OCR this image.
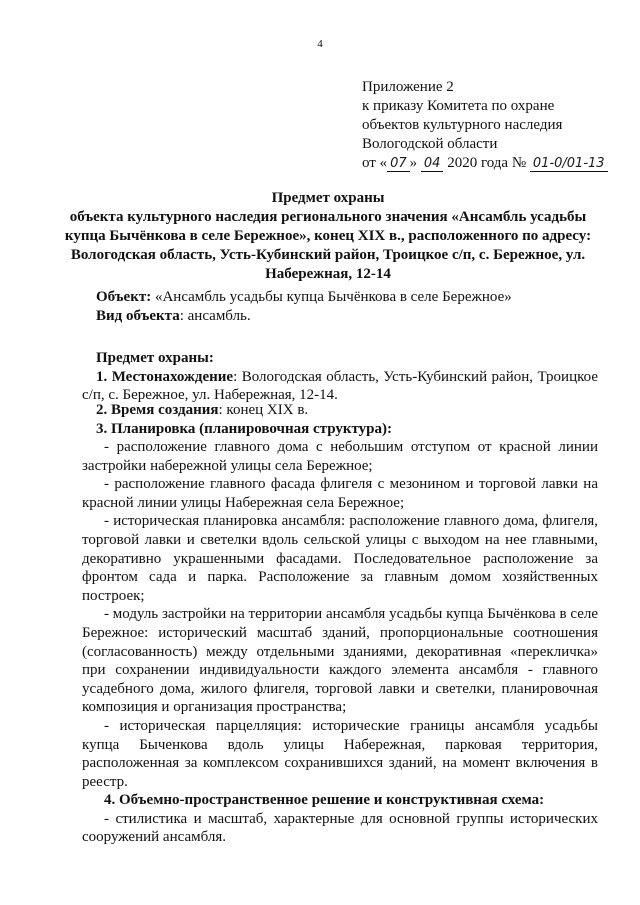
4
Приложение 2
к приказу Комитета по охране
объектов культурного наследия
Вологодской области
от « 07 » 04 2020 года № 01-0/01-13
Предмет охраны
объекта культурного наследия регионального значения «Ансамбль усадьбы купца Бычёнкова в селе Бережное», конец XIX в., расположенного по адресу: Вологодская область, Усть-Кубинский район, Троицкое с/п, с. Бережное, ул. Набережная, 12-14

Объект: «Ансамбль усадьбы купца Бычёнкова в селе Бережное»

Вид объекта: ансамбль.

Предмет охраны:

1. Местонахождение: Вологодская область, Усть-Кубинский район, Троицкое с/п, с. Бережное, ул. Набережная, 12-14.

2. Время создания: конец XIX в.

3. Планировка (планировочная структура):

- расположение главного дома с небольшим отступом от красной линии застройки набережной улицы села Бережное;

- расположение главного фасада флигеля с мезонином и торговой лавки на красной линии улицы Набережная села Бережное;

- историческая планировка ансамбля: расположение главного дома, флигеля, торговой лавки и светелки вдоль сельской улицы с выходом на нее главными, декоративно украшенными фасадами. Последовательное расположение за фронтом сада и парка. Расположение за главным домом хозяйственных построек;

- модуль застройки на территории ансамбля усадьбы купца Бычёнкова в селе Бережное: исторический масштаб зданий, пропорциональные соотношения (согласованность) между отдельными зданиями, декоративная «перекличка» при сохранении индивидуальности каждого элемента ансамбля - главного усадебного дома, жилого флигеля, торговой лавки и светелки, планировочная композиция и организация пространства;

- историческая парцелляция: исторические границы ансамбля усадьбы купца Быченкова вдоль улицы Набережная, парковая территория, расположенная за комплексом сохранившихся зданий, на момент включения в реестр.

4. Объемно-пространственное решение и конструктивная схема:

- стилистика и масштаб, характерные для основной группы исторических сооружений ансамбля.
